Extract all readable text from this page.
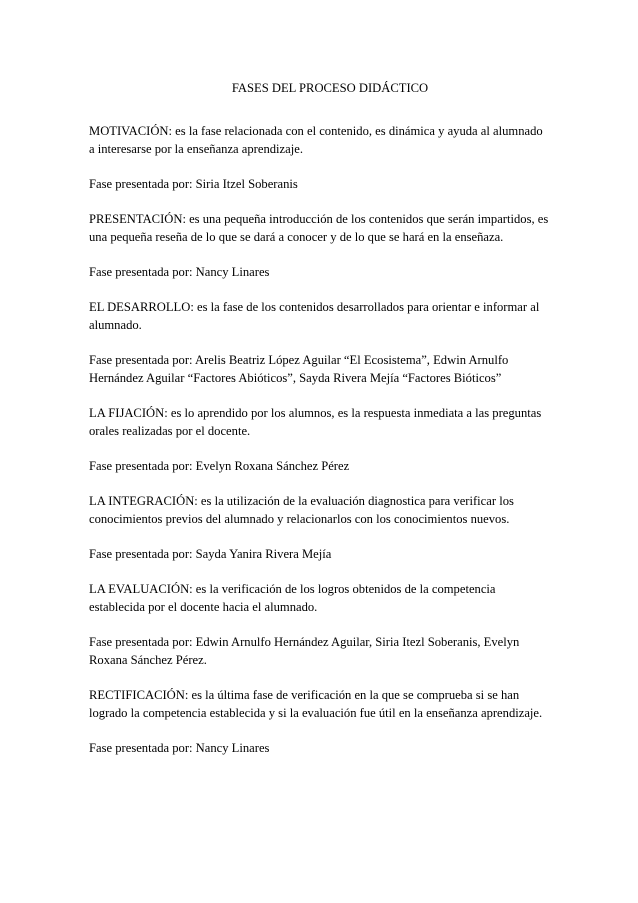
FASES DEL PROCESO DIDÁCTICO

MOTIVACIÓN: es la fase relacionada con el contenido, es dinámica y ayuda al alumnado a interesarse por la enseñanza aprendizaje.

Fase presentada por: Siria Itzel Soberanis

PRESENTACIÓN: es una pequeña introducción de los contenidos que serán impartidos, es una pequeña reseña de lo que se dará a conocer y de lo que se hará en la enseñaza.

Fase presentada por: Nancy Linares

EL DESARROLLO: es la fase de los contenidos desarrollados para orientar e informar al alumnado.

Fase presentada por: Arelis Beatriz López Aguilar “El Ecosistema”, Edwin Arnulfo Hernández Aguilar “Factores Abióticos”, Sayda Rivera Mejía “Factores Bióticos”

LA FIJACIÓN: es lo aprendido por los alumnos, es la respuesta inmediata a las preguntas orales realizadas por el docente.

Fase presentada por: Evelyn Roxana Sánchez Pérez

LA INTEGRACIÓN: es la utilización de la evaluación diagnostica para verificar los conocimientos previos del alumnado y relacionarlos con los conocimientos nuevos.

Fase presentada por: Sayda Yanira Rivera Mejía

LA EVALUACIÓN: es la verificación de los logros obtenidos de la competencia establecida por el docente hacia el alumnado.

Fase presentada por: Edwin Arnulfo Hernández Aguilar, Siria Itezl Soberanis, Evelyn Roxana Sánchez Pérez.

RECTIFICACIÓN: es la última fase de verificación en la que se comprueba si se han logrado la competencia establecida y si la evaluación fue útil en la enseñanza aprendizaje.

Fase presentada por: Nancy Linares
